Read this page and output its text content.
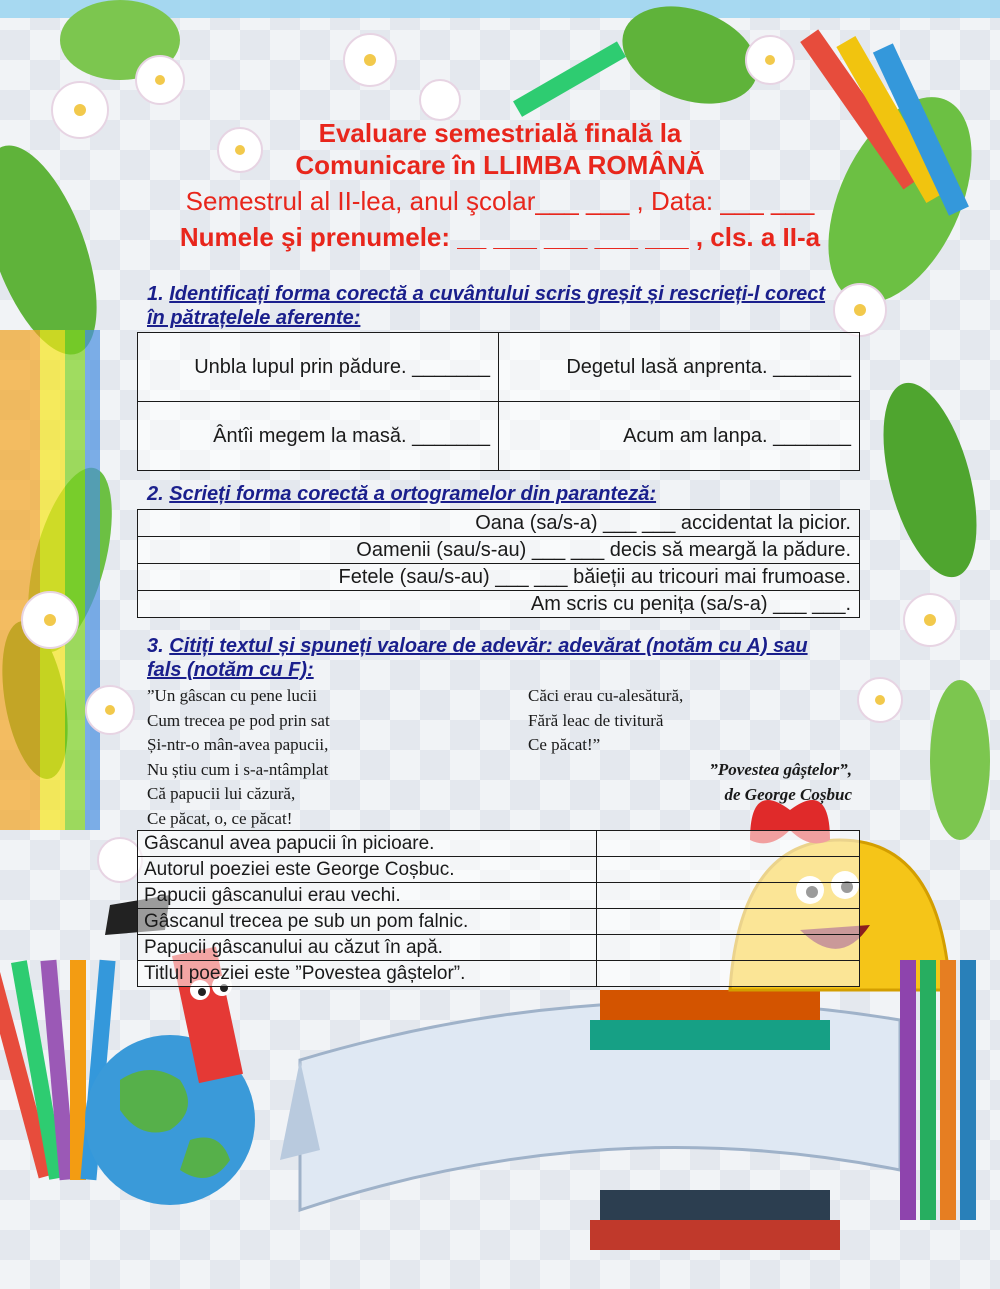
Evaluare semestrială finală la
Comunicare în LLIMBA ROMÂNĂ
Semestrul al II-lea, anul şcolar___ ___ , Data: ___ ___
Numele şi prenumele: __ ___ ___ ___ ___ , cls. a II-a
1. Identificați forma corectă a cuvântului scris greșit și rescrieți-l corect în pătrațelele aferente:
Unbla lupul prin pădure. _______	Degetul lasă anprenta. _______
Ântîi megem la masă. _______	Acum am lanpa. _______
2. Scrieți forma corectă a ortogramelor din paranteză:
Oana (sa/s-a) ___ ___ accidentat la picior.
Oamenii (sau/s-au) ___ ___ decis să meargă la pădure.
Fetele (sau/s-au) ___ ___ băieții au tricouri mai frumoase.
Am scris cu penița (sa/s-a) ___ ___.
3. Citiți textul și spuneți valoare de adevăr: adevărat (notăm cu A) sau fals (notăm cu F):
”Un gâscan cu pene lucii
Cum trecea pe pod prin sat
Și-ntr-o mân-avea papucii,
Nu știu cum i s-a-ntâmplat
Că papucii lui căzură,
Ce păcat, o, ce păcat!
Căci erau cu-alesătură,
Fără leac de tivitură
Ce păcat!”
”Povestea gâștelor”,
de George Coșbuc
Gâscanul avea papucii în picioare.	
Autorul poeziei este George Coșbuc.	
Papucii gâscanului erau vechi.	
Gâscanul trecea pe sub un pom falnic.	
Papucii gâscanului au căzut în apă.	
Titlul poeziei este ”Povestea gâștelor”.	
